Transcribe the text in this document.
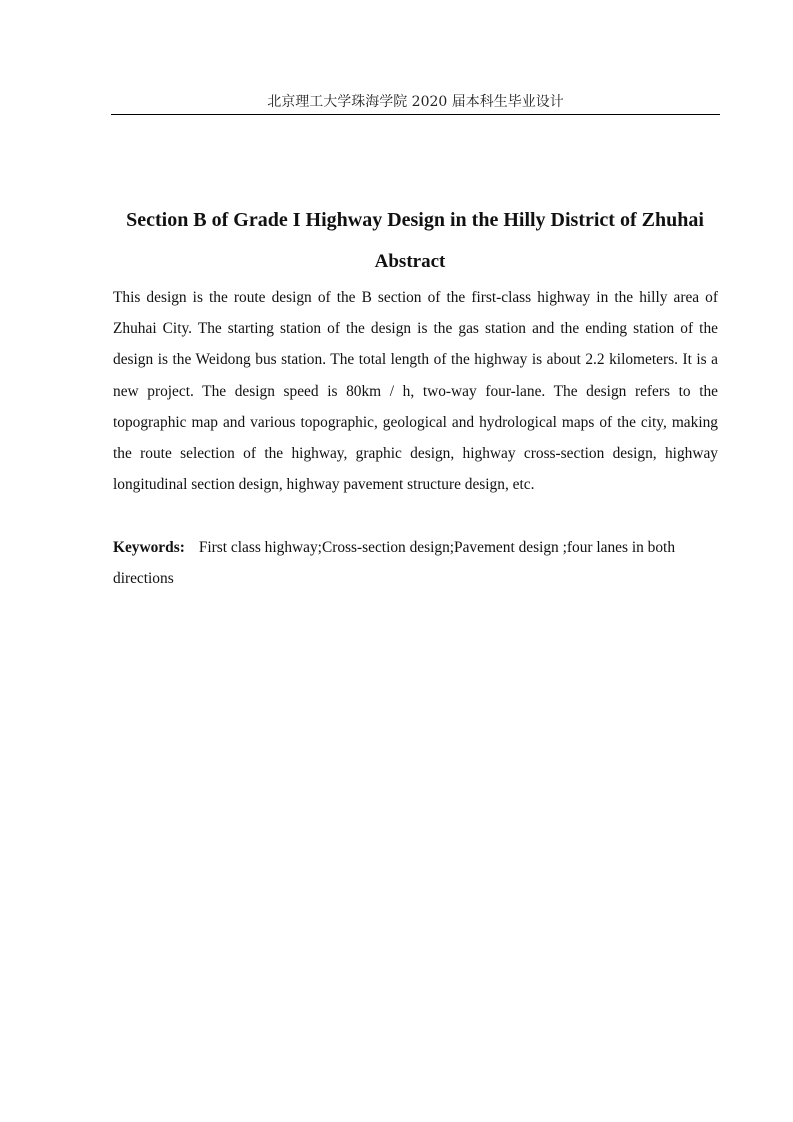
北京理工大学珠海学院 2020 届本科生毕业设计
Section B of Grade I Highway Design in the Hilly District of Zhuhai
Abstract

This design is the route design of the B section of the first-class highway in the hilly area of Zhuhai City. The starting station of the design is the gas station and the ending station of the design is the Weidong bus station. The total length of the highway is about 2.2 kilometers. It is a new project. The design speed is 80km / h, two-way four-lane. The design refers to the topographic map and various topographic, geological and hydrological maps of the city, making the route selection of the highway, graphic design, highway cross-section design, highway longitudinal section design, highway pavement structure design, etc.

Keywords: First class highway;Cross-section design;Pavement design ;four lanes in both directions
